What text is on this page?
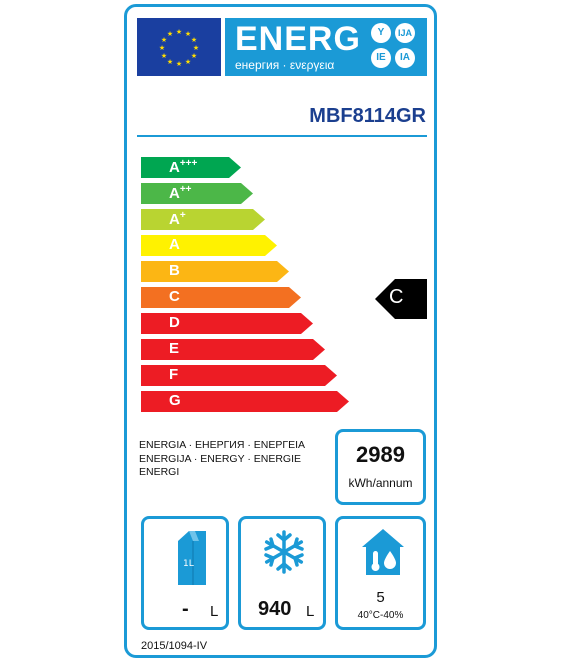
★ ★
★
★
★
★
★
★
★
★
★
★ ENERG
енергия · ενεργεια
Y	IJA
IE	IA
MBF8114GR
A+++
A++
A+
A
B
C
D
E
F
G
C
ENERGIA · ЕНЕРГИЯ · ΕΝΕΡΓΕΙΑ
ENERGIJA · ENERGY · ENERGIE
ENERGI
2989
kWh/annum
1L
- L 940 L
5
40°C-40%
2015/1094-IV
